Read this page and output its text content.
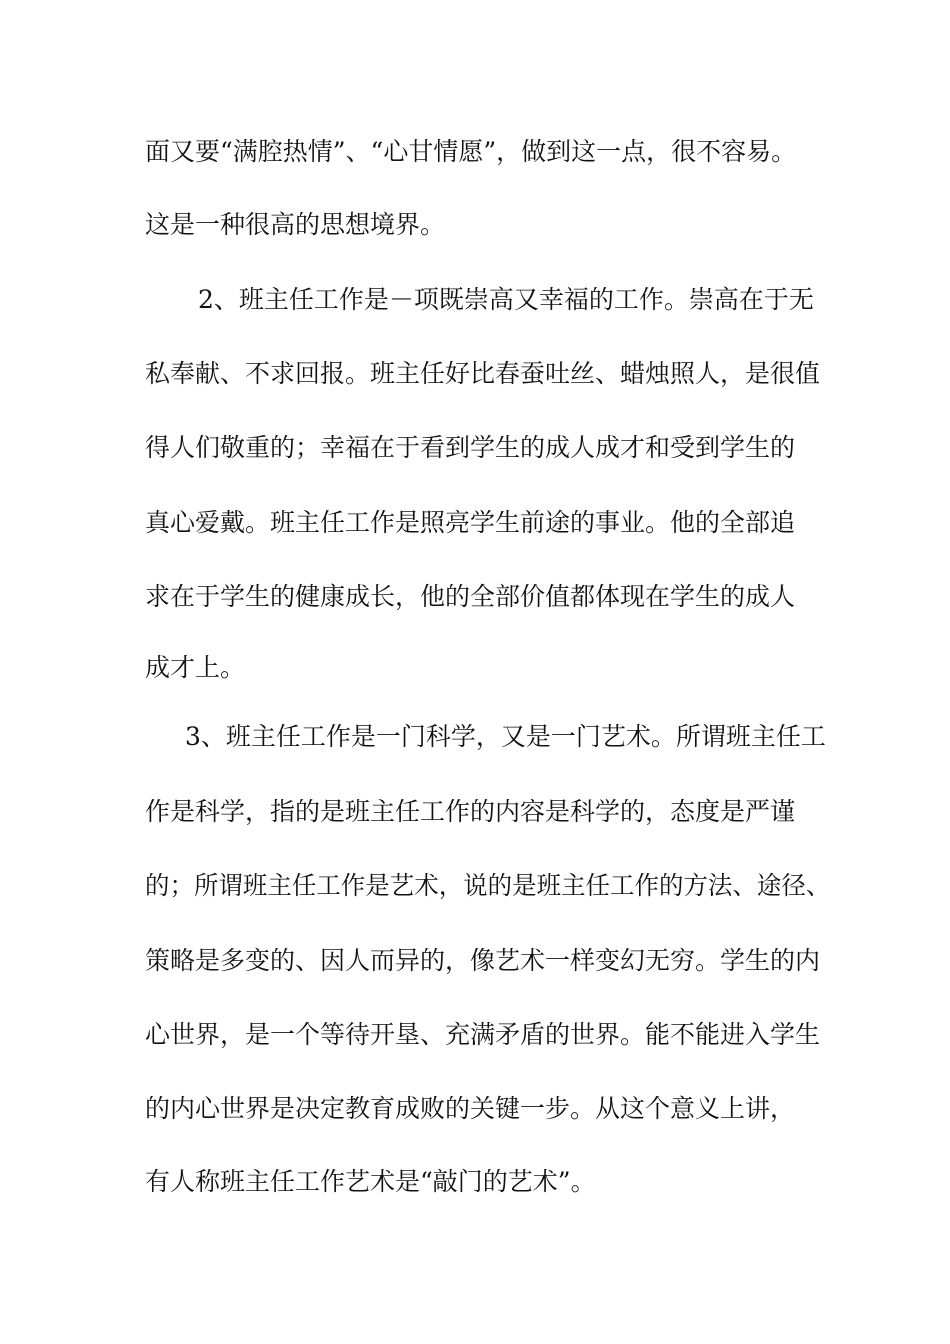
面又要“满腔热情”、“心甘情愿”，做到这一点，很不容易。
这是一种很高的思想境界。
2、班主任工作是－项既崇高又幸福的工作。崇高在于无
私奉献、不求回报。班主任好比春蚕吐丝、蜡烛照人，是很值
得人们敬重的；幸福在于看到学生的成人成才和受到学生的
真心爱戴。班主任工作是照亮学生前途的事业。他的全部追
求在于学生的健康成长，他的全部价值都体现在学生的成人
成才上。
3、班主任工作是一门科学，又是一门艺术。所谓班主任工
作是科学，指的是班主任工作的内容是科学的，态度是严谨
的；所谓班主任工作是艺术，说的是班主任工作的方法、途径、
策略是多变的、因人而异的，像艺术一样变幻无穷。学生的内
心世界，是一个等待开垦、充满矛盾的世界。能不能进入学生
的内心世界是决定教育成败的关键一步。从这个意义上讲，
有人称班主任工作艺术是“敲门的艺术”。
